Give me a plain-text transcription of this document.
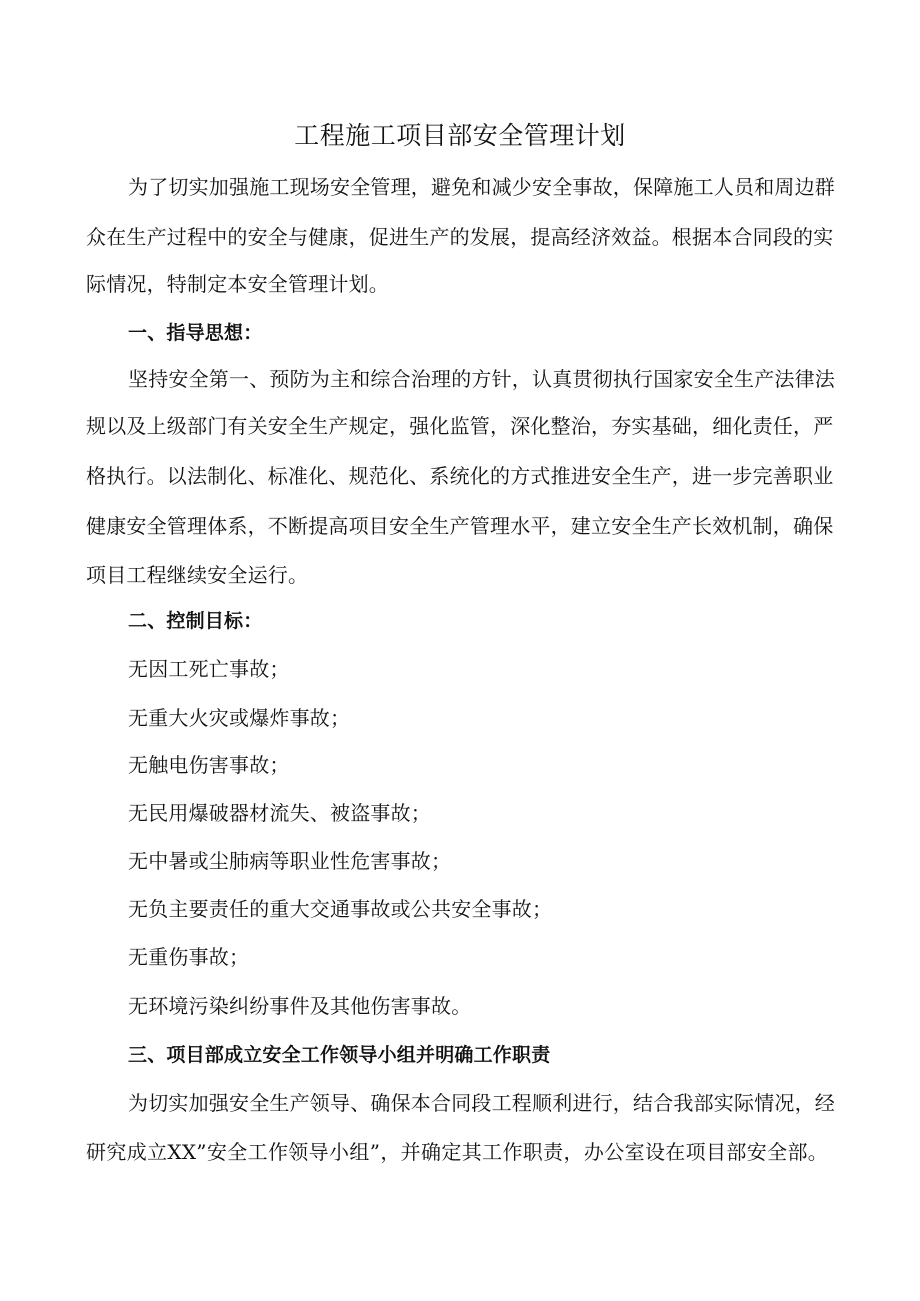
工程施工项目部安全管理计划
为了切实加强施工现场安全管理，避免和减少安全事故，保障施工人员和周边群
众在生产过程中的安全与健康，促进生产的发展，提高经济效益。根据本合同段的实
际情况，特制定本安全管理计划。
一、指导思想：
坚持安全第一、预防为主和综合治理的方针，认真贯彻执行国家安全生产法律法
规以及上级部门有关安全生产规定，强化监管，深化整治，夯实基础，细化责任，严
格执行。以法制化、标准化、规范化、系统化的方式推进安全生产，进一步完善职业
健康安全管理体系，不断提高项目安全生产管理水平，建立安全生产长效机制，确保
项目工程继续安全运行。
二、控制目标：
无因工死亡事故；
无重大火灾或爆炸事故；
无触电伤害事故；
无民用爆破器材流失、被盗事故；
无中暑或尘肺病等职业性危害事故；
无负主要责任的重大交通事故或公共安全事故；
无重伤事故；
无环境污染纠纷事件及其他伤害事故。
三、项目部成立安全工作领导小组并明确工作职责
为切实加强安全生产领导、确保本合同段工程顺利进行，结合我部实际情况，经
研究成立XX”安全工作领导小组”，并确定其工作职责，办公室设在项目部安全部。
